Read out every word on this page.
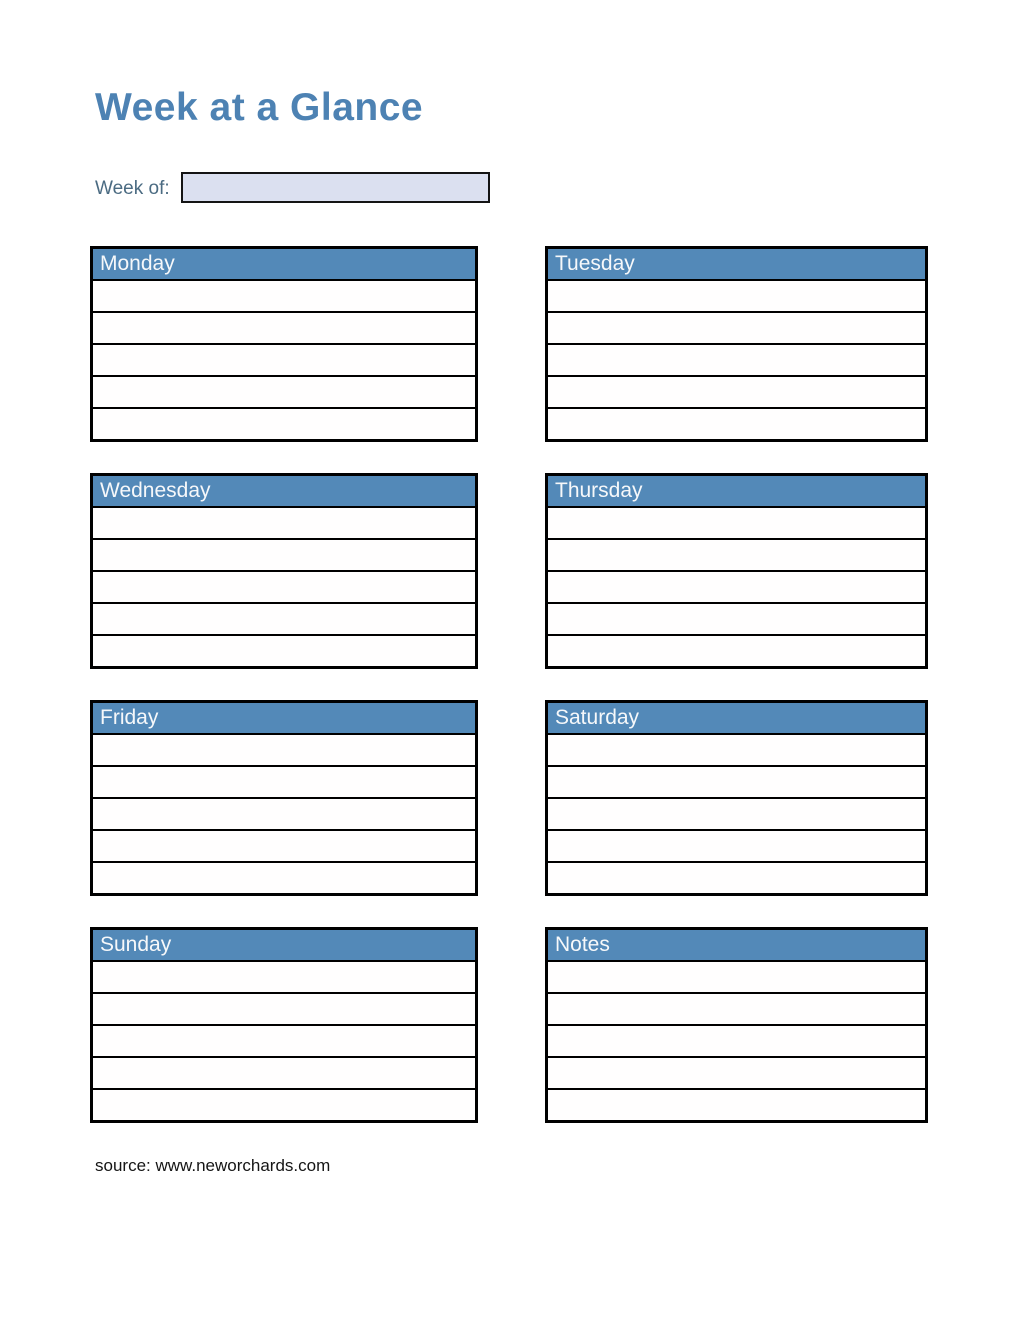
Week at a Glance
Week of:
Monday	Tuesday
Wednesday	Thursday
Friday	Saturday
Sunday	Notes
source: www.neworchards.com
